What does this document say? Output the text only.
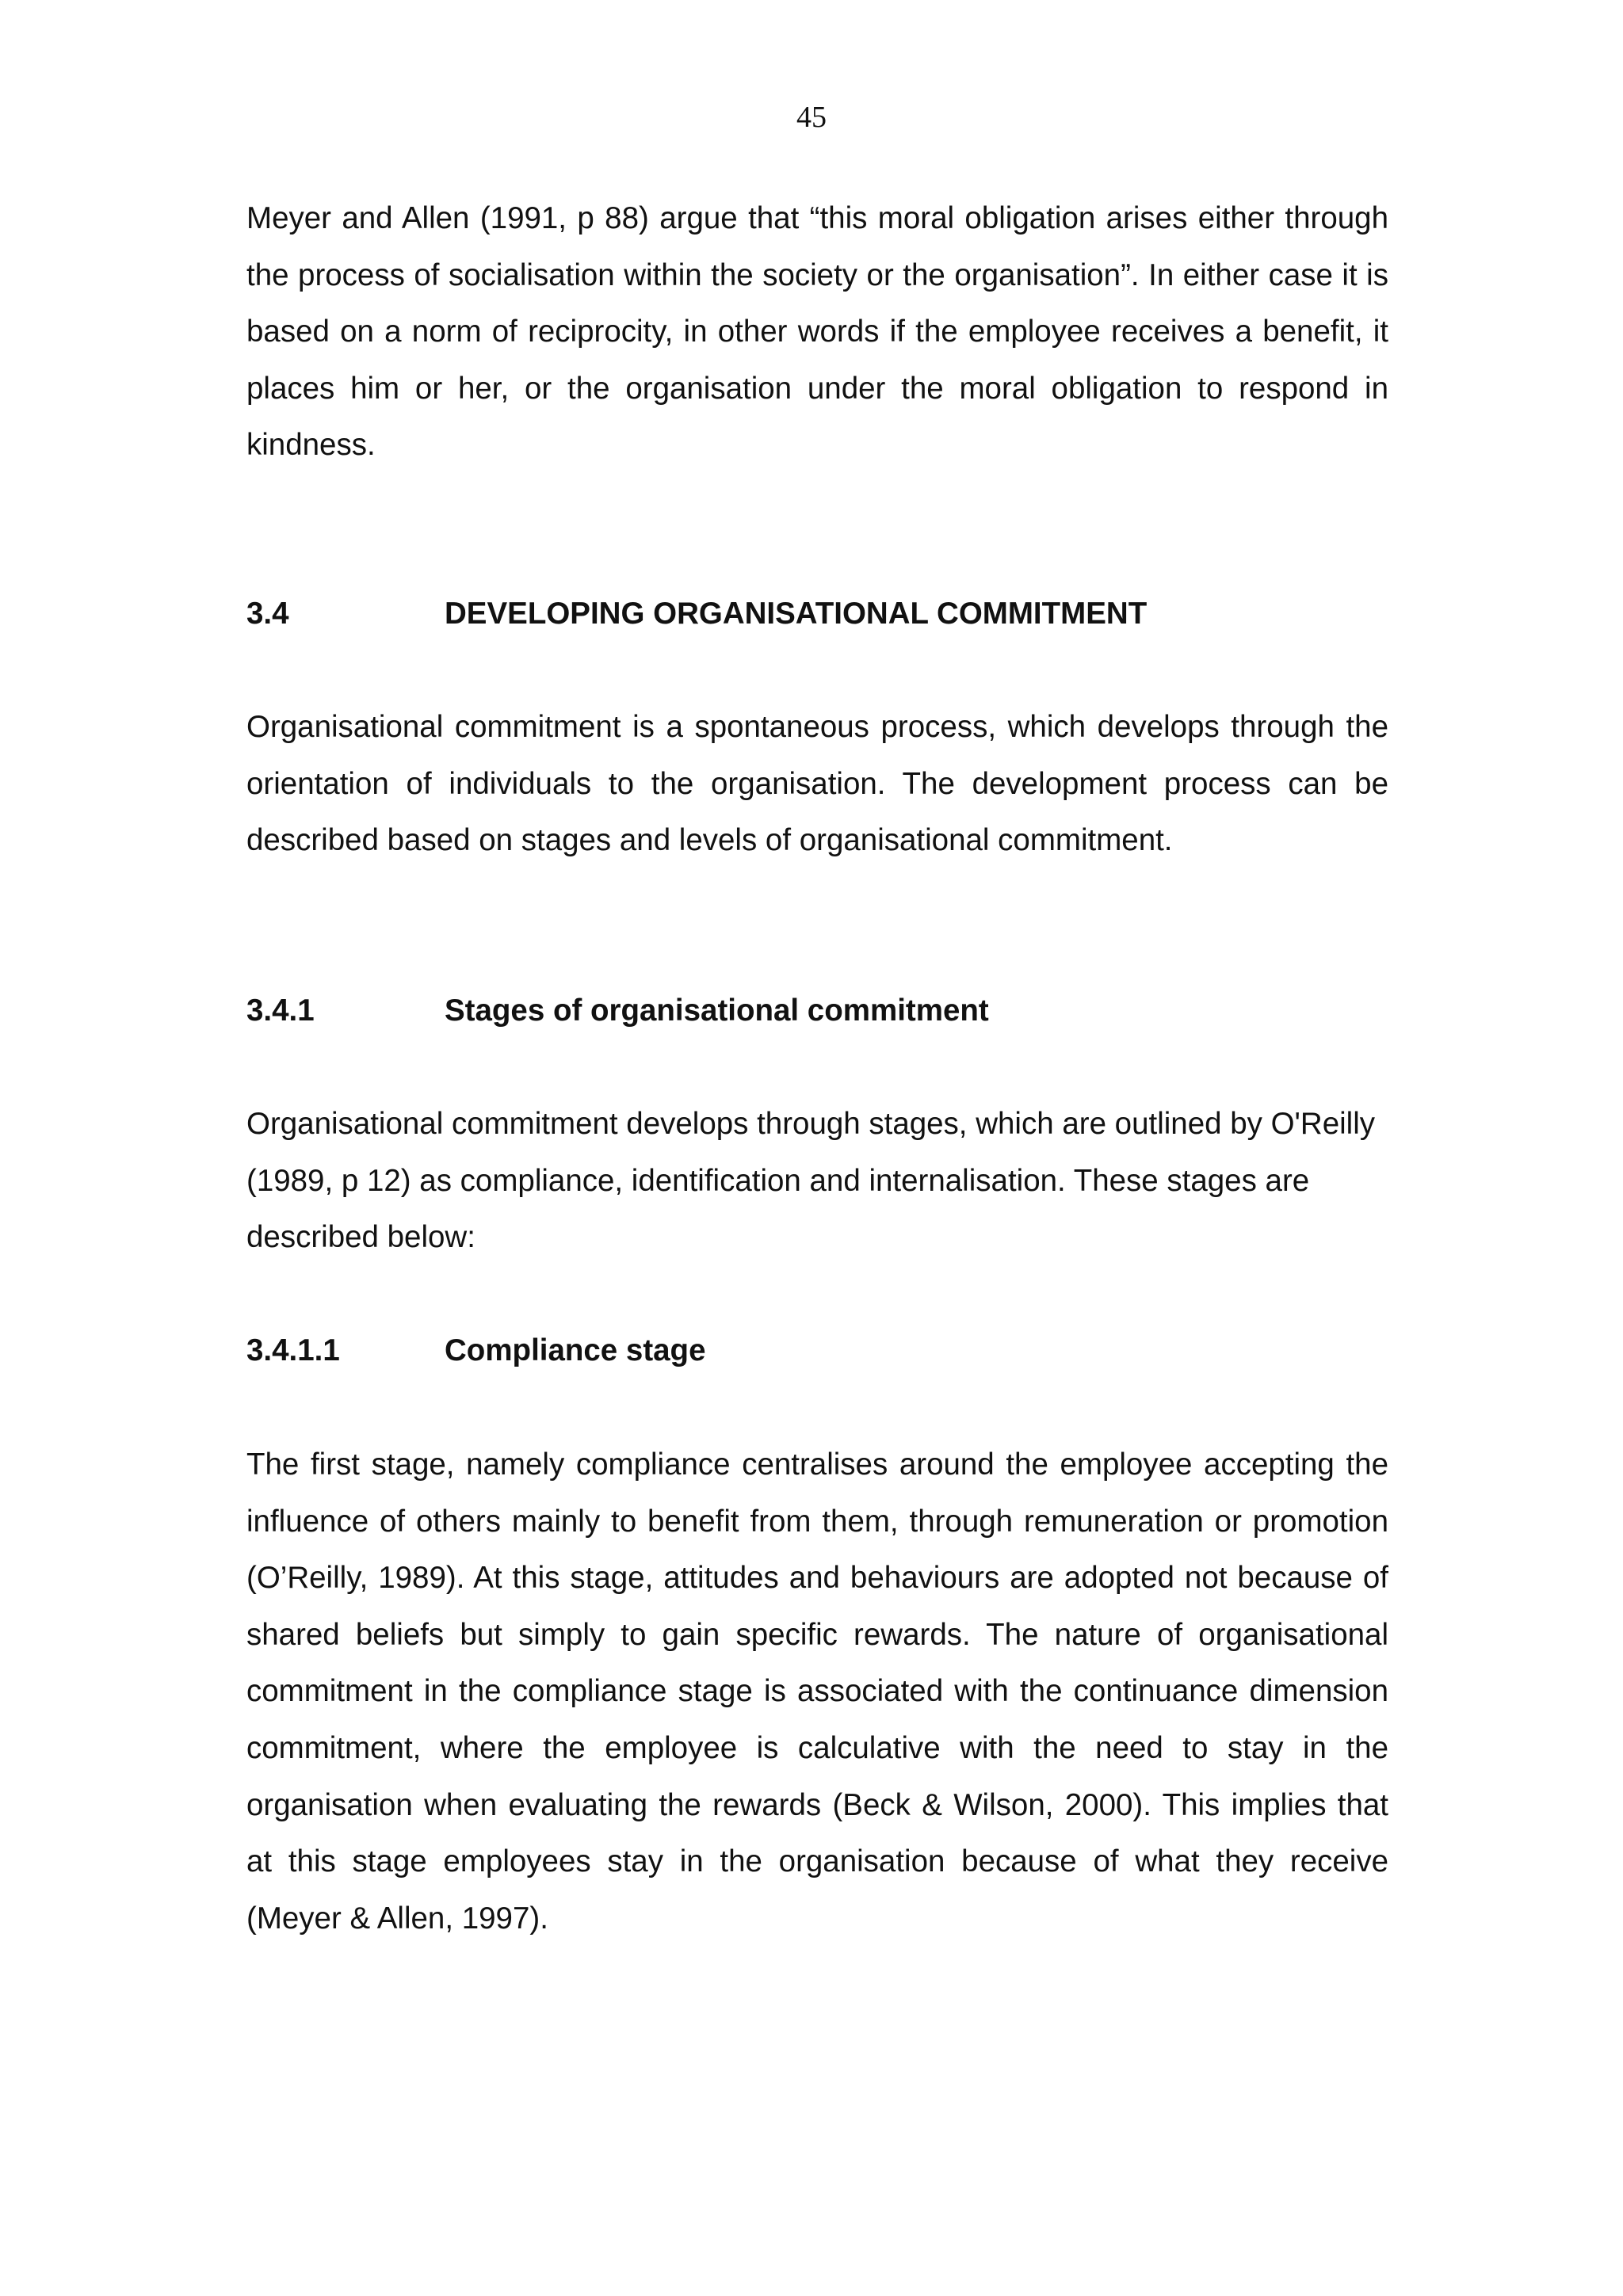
45

Meyer and Allen (1991, p 88) argue that “this moral obligation arises either through the process of socialisation within the society or the organisation”. In either case it is based on a norm of reciprocity, in other words if the employee receives a benefit, it places him or her, or the organisation under the moral obligation to respond in kindness.

3.4	DEVELOPING ORGANISATIONAL COMMITMENT

Organisational commitment is a spontaneous process, which develops through the orientation of individuals to the organisation. The development process can be described based on stages and levels of organisational commitment.

3.4.1	Stages of organisational commitment

Organisational commitment develops through stages, which are outlined by O'Reilly (1989, p 12) as compliance, identification and internalisation. These stages are described below:

3.4.1.1	Compliance stage

The first stage, namely compliance centralises around the employee accepting the influence of others mainly to benefit from them, through remuneration or promotion (O’Reilly, 1989). At this stage, attitudes and behaviours are adopted not because of shared beliefs but simply to gain specific rewards. The nature of organisational commitment in the compliance stage is associated with the continuance dimension commitment, where the employee is calculative with the need to stay in the organisation when evaluating the rewards (Beck & Wilson, 2000). This implies that at this stage employees stay in the organisation because of what they receive (Meyer & Allen, 1997).
